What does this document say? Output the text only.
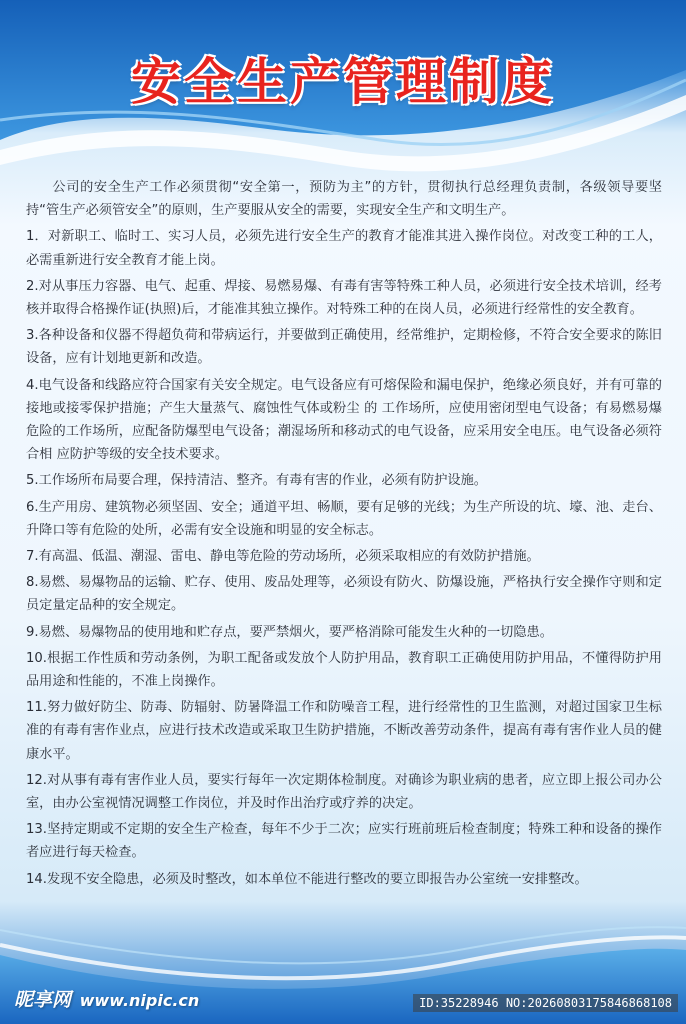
安全生产管理制度

公司的安全生产工作必须贯彻“安全第一，预防为主”的方针，贯彻执行总经理负责制，各级领导要坚持“管生产必须管安全”的原则，生产要服从安全的需要，实现安全生产和文明生产。

1．对新职工、临时工、实习人员，必须先进行安全生产的教育才能准其进入操作岗位。对改变工种的工人，必需重新进行安全教育才能上岗。

2.对从事压力容器、电气、起重、焊接、易燃易爆、有毒有害等特殊工种人员，必须进行安全技术培训，经考核并取得合格操作证(执照)后，才能准其独立操作。对特殊工种的在岗人员，必须进行经常性的安全教育。

3.各种设备和仪器不得超负荷和带病运行，并要做到正确使用，经常维护，定期检修，不符合安全要求的陈旧设备，应有计划地更新和改造。

4.电气设备和线路应符合国家有关安全规定。电气设备应有可熔保险和漏电保护，绝缘必须良好，并有可靠的接地或接零保护措施；产生大量蒸气、腐蚀性气体或粉尘 的 工作场所，应使用密闭型电气设备；有易燃易爆危险的工作场所，应配备防爆型电气设备；潮湿场所和移动式的电气设备，应采用安全电压。电气设备必须符合相 应防护等级的安全技术要求。

5.工作场所布局要合理，保持清洁、整齐。有毒有害的作业，必须有防护设施。

6.生产用房、建筑物必须坚固、安全；通道平坦、畅顺，要有足够的光线；为生产所设的坑、壕、池、走台、升降口等有危险的处所，必需有安全设施和明显的安全标志。

7.有高温、低温、潮湿、雷电、静电等危险的劳动场所，必须采取相应的有效防护措施。

8.易燃、易爆物品的运输、贮存、使用、废品处理等，必须设有防火、防爆设施，严格执行安全操作守则和定员定量定品种的安全规定。

9.易燃、易爆物品的使用地和贮存点，要严禁烟火，要严格消除可能发生火种的一切隐患。

10.根据工作性质和劳动条例，为职工配备或发放个人防护用品，教育职工正确使用防护用品，不懂得防护用品用途和性能的，不准上岗操作。

11.努力做好防尘、防毒、防辐射、防暑降温工作和防噪音工程，进行经常性的卫生监测，对超过国家卫生标准的有毒有害作业点，应进行技术改造或采取卫生防护措施，不断改善劳动条件，提高有毒有害作业人员的健康水平。

12.对从事有毒有害作业人员，要实行每年一次定期体检制度。对确诊为职业病的患者，应立即上报公司办公室，由办公室视情况调整工作岗位，并及时作出治疗或疗养的决定。

13.坚持定期或不定期的安全生产检查，每年不少于二次；应实行班前班后检查制度；特殊工种和设备的操作者应进行每天检查。

14.发现不安全隐患，必须及时整改，如本单位不能进行整改的要立即报告办公室统一安排整改。

昵享网 www.nipic.cn	ID:35228946 NO:20260803175846868108
